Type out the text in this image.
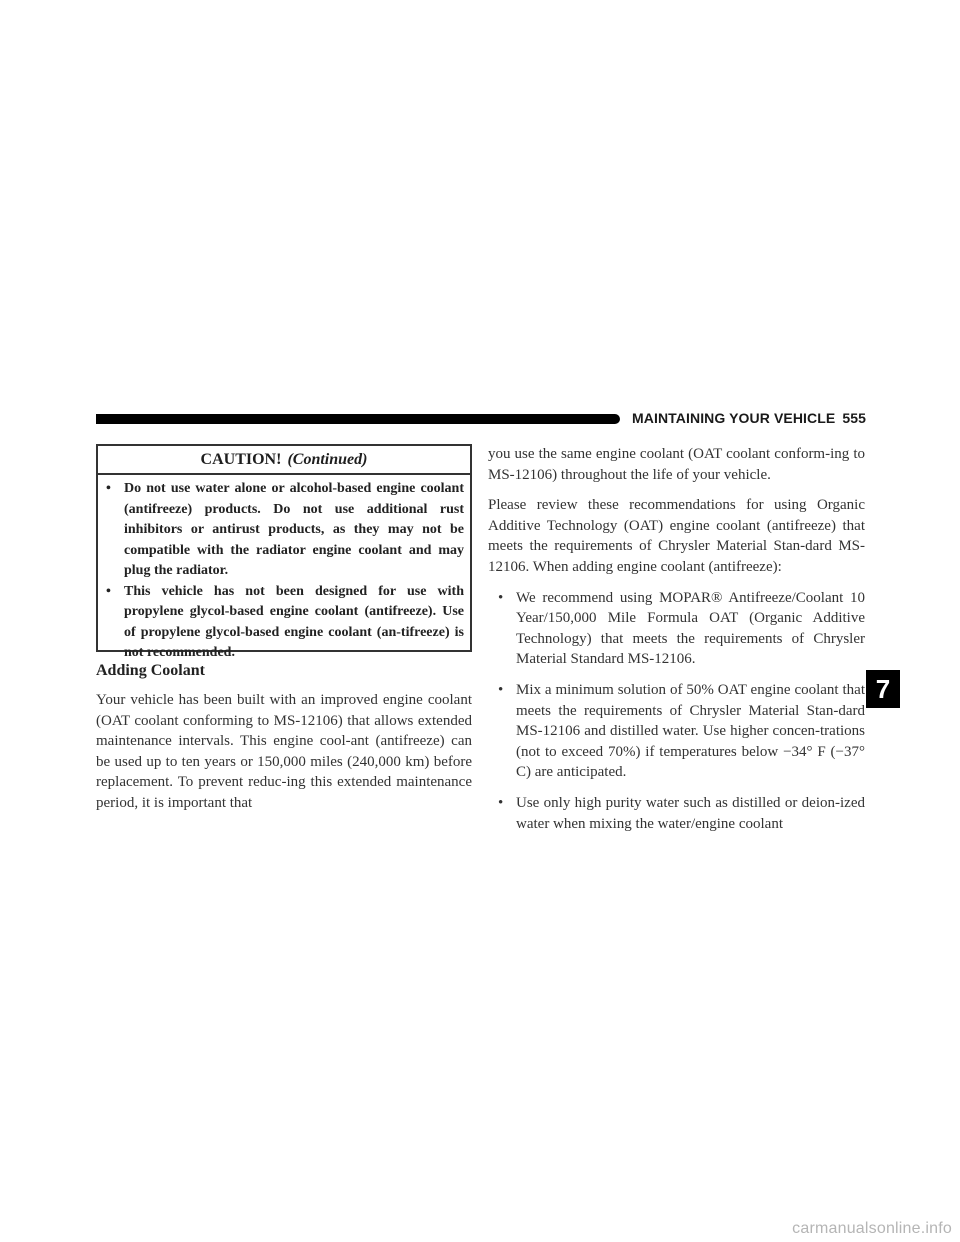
MAINTAINING YOUR VEHICLE 555
CAUTION! (Continued)
• Do not use water alone or alcohol-based engine coolant (antifreeze) products. Do not use additional rust inhibitors or antirust products, as they may not be compatible with the radiator engine coolant and may plug the radiator.
• This vehicle has not been designed for use with propylene glycol-based engine coolant (antifreeze). Use of propylene glycol-based engine coolant (an-tifreeze) is not recommended.
Adding Coolant

Your vehicle has been built with an improved engine coolant (OAT coolant conforming to MS-12106) that allows extended maintenance intervals. This engine cool-ant (antifreeze) can be used up to ten years or 150,000 miles (240,000 km) before replacement. To prevent reduc-ing this extended maintenance period, it is important that

you use the same engine coolant (OAT coolant conform-ing to MS-12106) throughout the life of your vehicle.

Please review these recommendations for using Organic Additive Technology (OAT) engine coolant (antifreeze) that meets the requirements of Chrysler Material Stan-dard MS-12106. When adding engine coolant (antifreeze):

• We recommend using MOPAR® Antifreeze/Coolant 10 Year/150,000 Mile Formula OAT (Organic Additive Technology) that meets the requirements of Chrysler Material Standard MS-12106.
• Mix a minimum solution of 50% OAT engine coolant that meets the requirements of Chrysler Material Stan-dard MS-12106 and distilled water. Use higher concen-trations (not to exceed 70%) if temperatures below −34° F (−37° C) are anticipated.
• Use only high purity water such as distilled or deion-ized water when mixing the water/engine coolant
7
carmanualsonline.info
